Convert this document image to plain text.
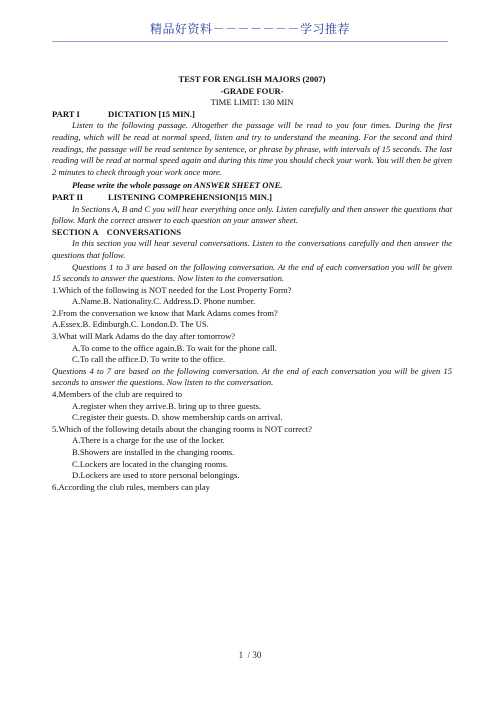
精品好资料－－－－－－－学习推荐
TEST FOR ENGLISH MAJORS (2007)
-GRADE FOUR-
TIME LIMIT: 130 MIN
PART I	DICTATION [15 MIN.]
Listen to the following passage. Altogether the passage will be read to you four times. During the first reading, which will be read at normal speed, listen and try to understand the meaning. For the second and third readings, the passage will be read sentence by sentence, or phrase by phrase, with intervals of 15 seconds. The last reading will be read at normal speed again and during this time you should check your work. You will then be given 2 minutes to check through your work once more.
Please write the whole passage on ANSWER SHEET ONE.
PART II	LISTENING COMPREHENSION[15 MIN.]
In Sections A, B and C you will hear everything once only. Listen carefully and then answer the questions that follow. Mark the correct answer to each question on your answer sheet.
SECTION A    CONVERSATIONS
In this section you will hear several conversations. Listen to the conversations carefully and then answer the questions that follow.
Questions 1 to 3 are based on the following conversation. At the end of each conversation you will be given 15 seconds to answer the questions. Now listen to the conversation.
1.Which of the following is NOT needed for the Lost Property Form?
A.Name.B. Nationality.C. Address.D. Phone number.
2.From the conversation we know that Mark Adams comes from?
A.Essex.B. Edinburgh.C. London.D. The US.
3.What will Mark Adams do the day after tomorrow?
A.To come to the office again.B. To wait for the phone call.
C.To call the office.D. To write to the office.
Questions 4 to 7 are based on the following conversation. At the end of each conversation you will be given 15 seconds to answer the questions. Now listen to the conversation.
4.Members of the club are required to
A.register when they arrive.B. bring up to three guests.
C.register their guests. D. show membership cards on arrival.
5.Which of the following details about the changing rooms is NOT correct?
A.There is a charge for the use of the locker.
B.Showers are installed in the changing rooms.
C.Lockers are located in the changing rooms.
D.Lockers are used to store personal belongings.
6.According the club rules, members can play
1  / 30
